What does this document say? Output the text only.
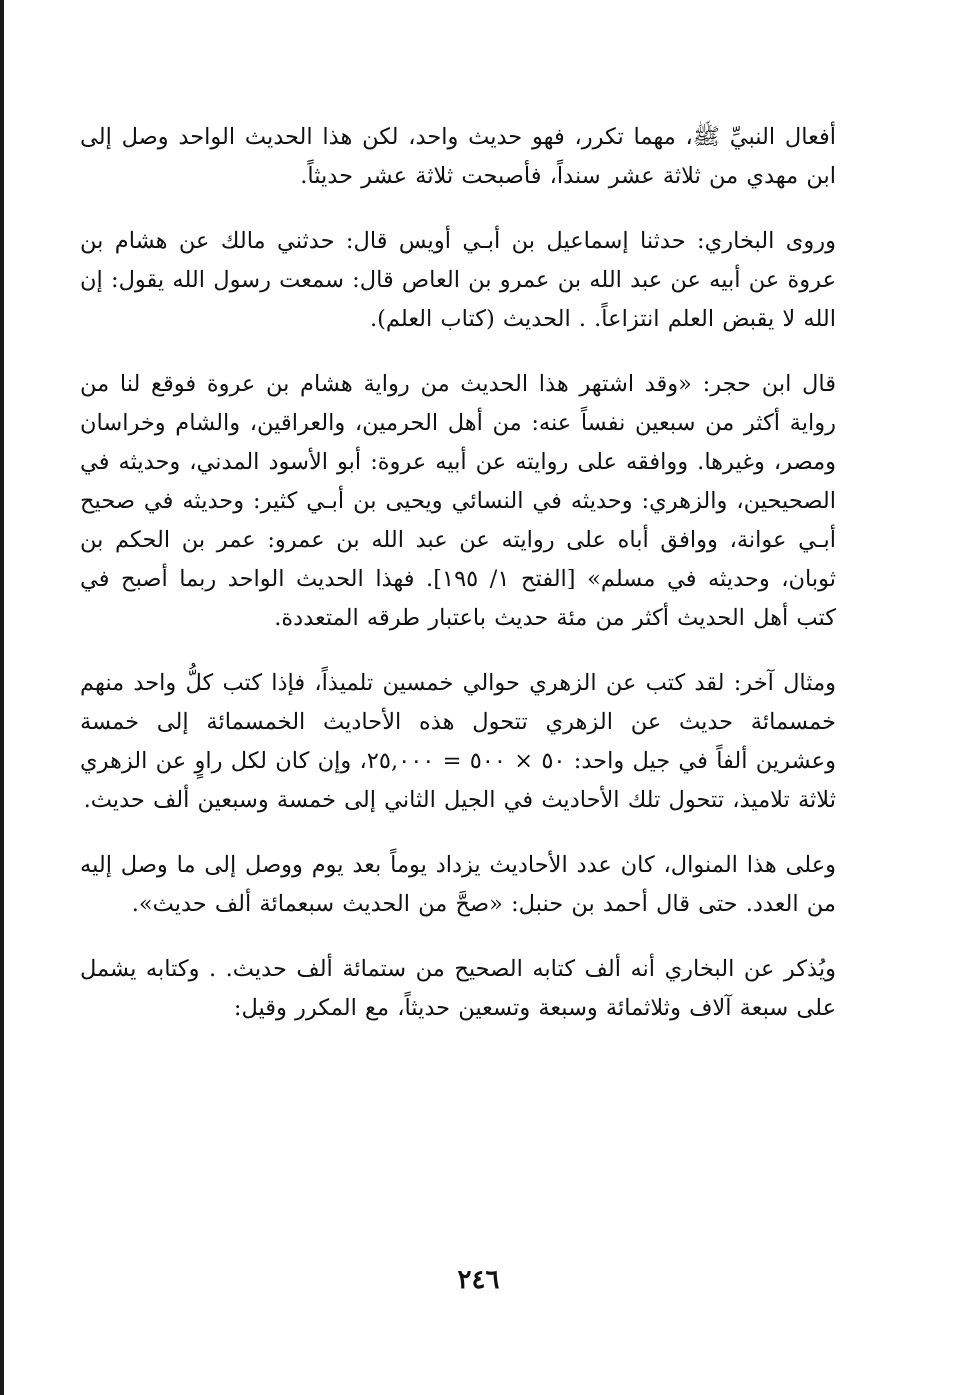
أفعال النبيِّ ﷺ، مهما تكرر، فهو حديث واحد، لكن هذا الحديث الواحد وصل إلى ابن مهدي من ثلاثة عشر سنداً، فأصبحت ثلاثة عشر حديثاً.

وروى البخاري: حدثنا إسماعيل بن أبـي أويس قال: حدثني مالك عن هشام بن عروة عن أبيه عن عبد الله بن عمرو بن العاص قال: سمعت رسول الله يقول: إن الله لا يقبض العلم انتزاعاً. . الحديث (كتاب العلم).

قال ابن حجر: «وقد اشتهر هذا الحديث من رواية هشام بن عروة فوقع لنا من رواية أكثر من سبعين نفساً عنه: من أهل الحرمين، والعراقين، والشام وخراسان ومصر، وغيرها. ووافقه على روايته عن أبيه عروة: أبو الأسود المدني، وحديثه في الصحيحين، والزهري: وحديثه في النسائي ويحيى بن أبـي كثير: وحديثه في صحيح أبـي عوانة، ووافق أباه على روايته عن عبد الله بن عمرو: عمر بن الحكم بن ثوبان، وحديثه في مسلم» [الفتح ١/ ١٩٥]. فهذا الحديث الواحد ربما أصبح في كتب أهل الحديث أكثر من مئة حديث باعتبار طرقه المتعددة.

ومثال آخر: لقد كتب عن الزهري حوالي خمسين تلميذاً، فإذا كتب كلُّ واحد منهم خمسمائة حديث عن الزهري تتحول هذه الأحاديث الخمسمائة إلى خمسة وعشرين ألفاً في جيل واحد: ٥٠ × ٥٠٠ = ٢٥,٠٠٠، وإن كان لكل راوٍ عن الزهري ثلاثة تلاميذ، تتحول تلك الأحاديث في الجيل الثاني إلى خمسة وسبعين ألف حديث.

وعلى هذا المنوال، كان عدد الأحاديث يزداد يوماً بعد يوم ووصل إلى ما وصل إليه من العدد. حتى قال أحمد بن حنبل: «صحَّ من الحديث سبعمائة ألف حديث».

ويُذكر عن البخاري أنه ألف كتابه الصحيح من ستمائة ألف حديث. . وكتابه يشمل على سبعة آلاف وثلاثمائة وسبعة وتسعين حديثاً، مع المكرر وقيل:

٢٤٦
